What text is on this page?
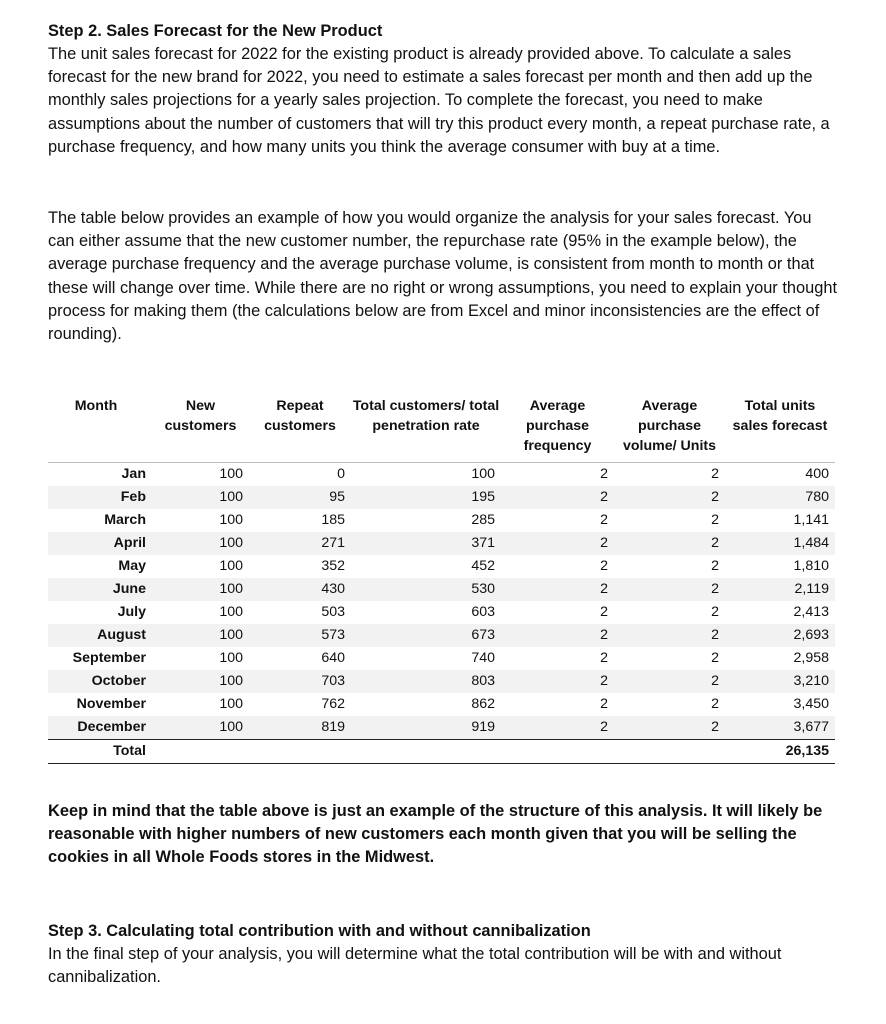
Step 2. Sales Forecast for the New Product

The unit sales forecast for 2022 for the existing product is already provided above. To calculate a sales forecast for the new brand for 2022, you need to estimate a sales forecast per month and then add up the monthly sales projections for a yearly sales projection. To complete the forecast, you need to make assumptions about the number of customers that will try this product every month, a repeat purchase rate, a purchase frequency, and how many units you think the average consumer with buy at a time.

The table below provides an example of how you would organize the analysis for your sales forecast. You can either assume that the new customer number, the repurchase rate (95% in the example below), the average purchase frequency and the average purchase volume, is consistent from month to month or that these will change over time. While there are no right or wrong assumptions, you need to explain your thought process for making them (the calculations below are from Excel and minor inconsistencies are the effect of rounding).

Month	New customers	Repeat customers	Total customers/ total penetration rate	Average purchase frequency	Average purchase volume/ Units	Total units sales forecast
Jan	100	0	100	2	2	400
Feb	100	95	195	2	2	780
March	100	185	285	2	2	1,141
April	100	271	371	2	2	1,484
May	100	352	452	2	2	1,810
June	100	430	530	2	2	2,119
July	100	503	603	2	2	2,413
August	100	573	673	2	2	2,693
September	100	640	740	2	2	2,958
October	100	703	803	2	2	3,210
November	100	762	862	2	2	3,450
December	100	819	919	2	2	3,677
Total						26,135

Keep in mind that the table above is just an example of the structure of this analysis. It will likely be reasonable with higher numbers of new customers each month given that you will be selling the cookies in all Whole Foods stores in the Midwest.

Step 3. Calculating total contribution with and without cannibalization

In the final step of your analysis, you will determine what the total contribution will be with and without cannibalization.
